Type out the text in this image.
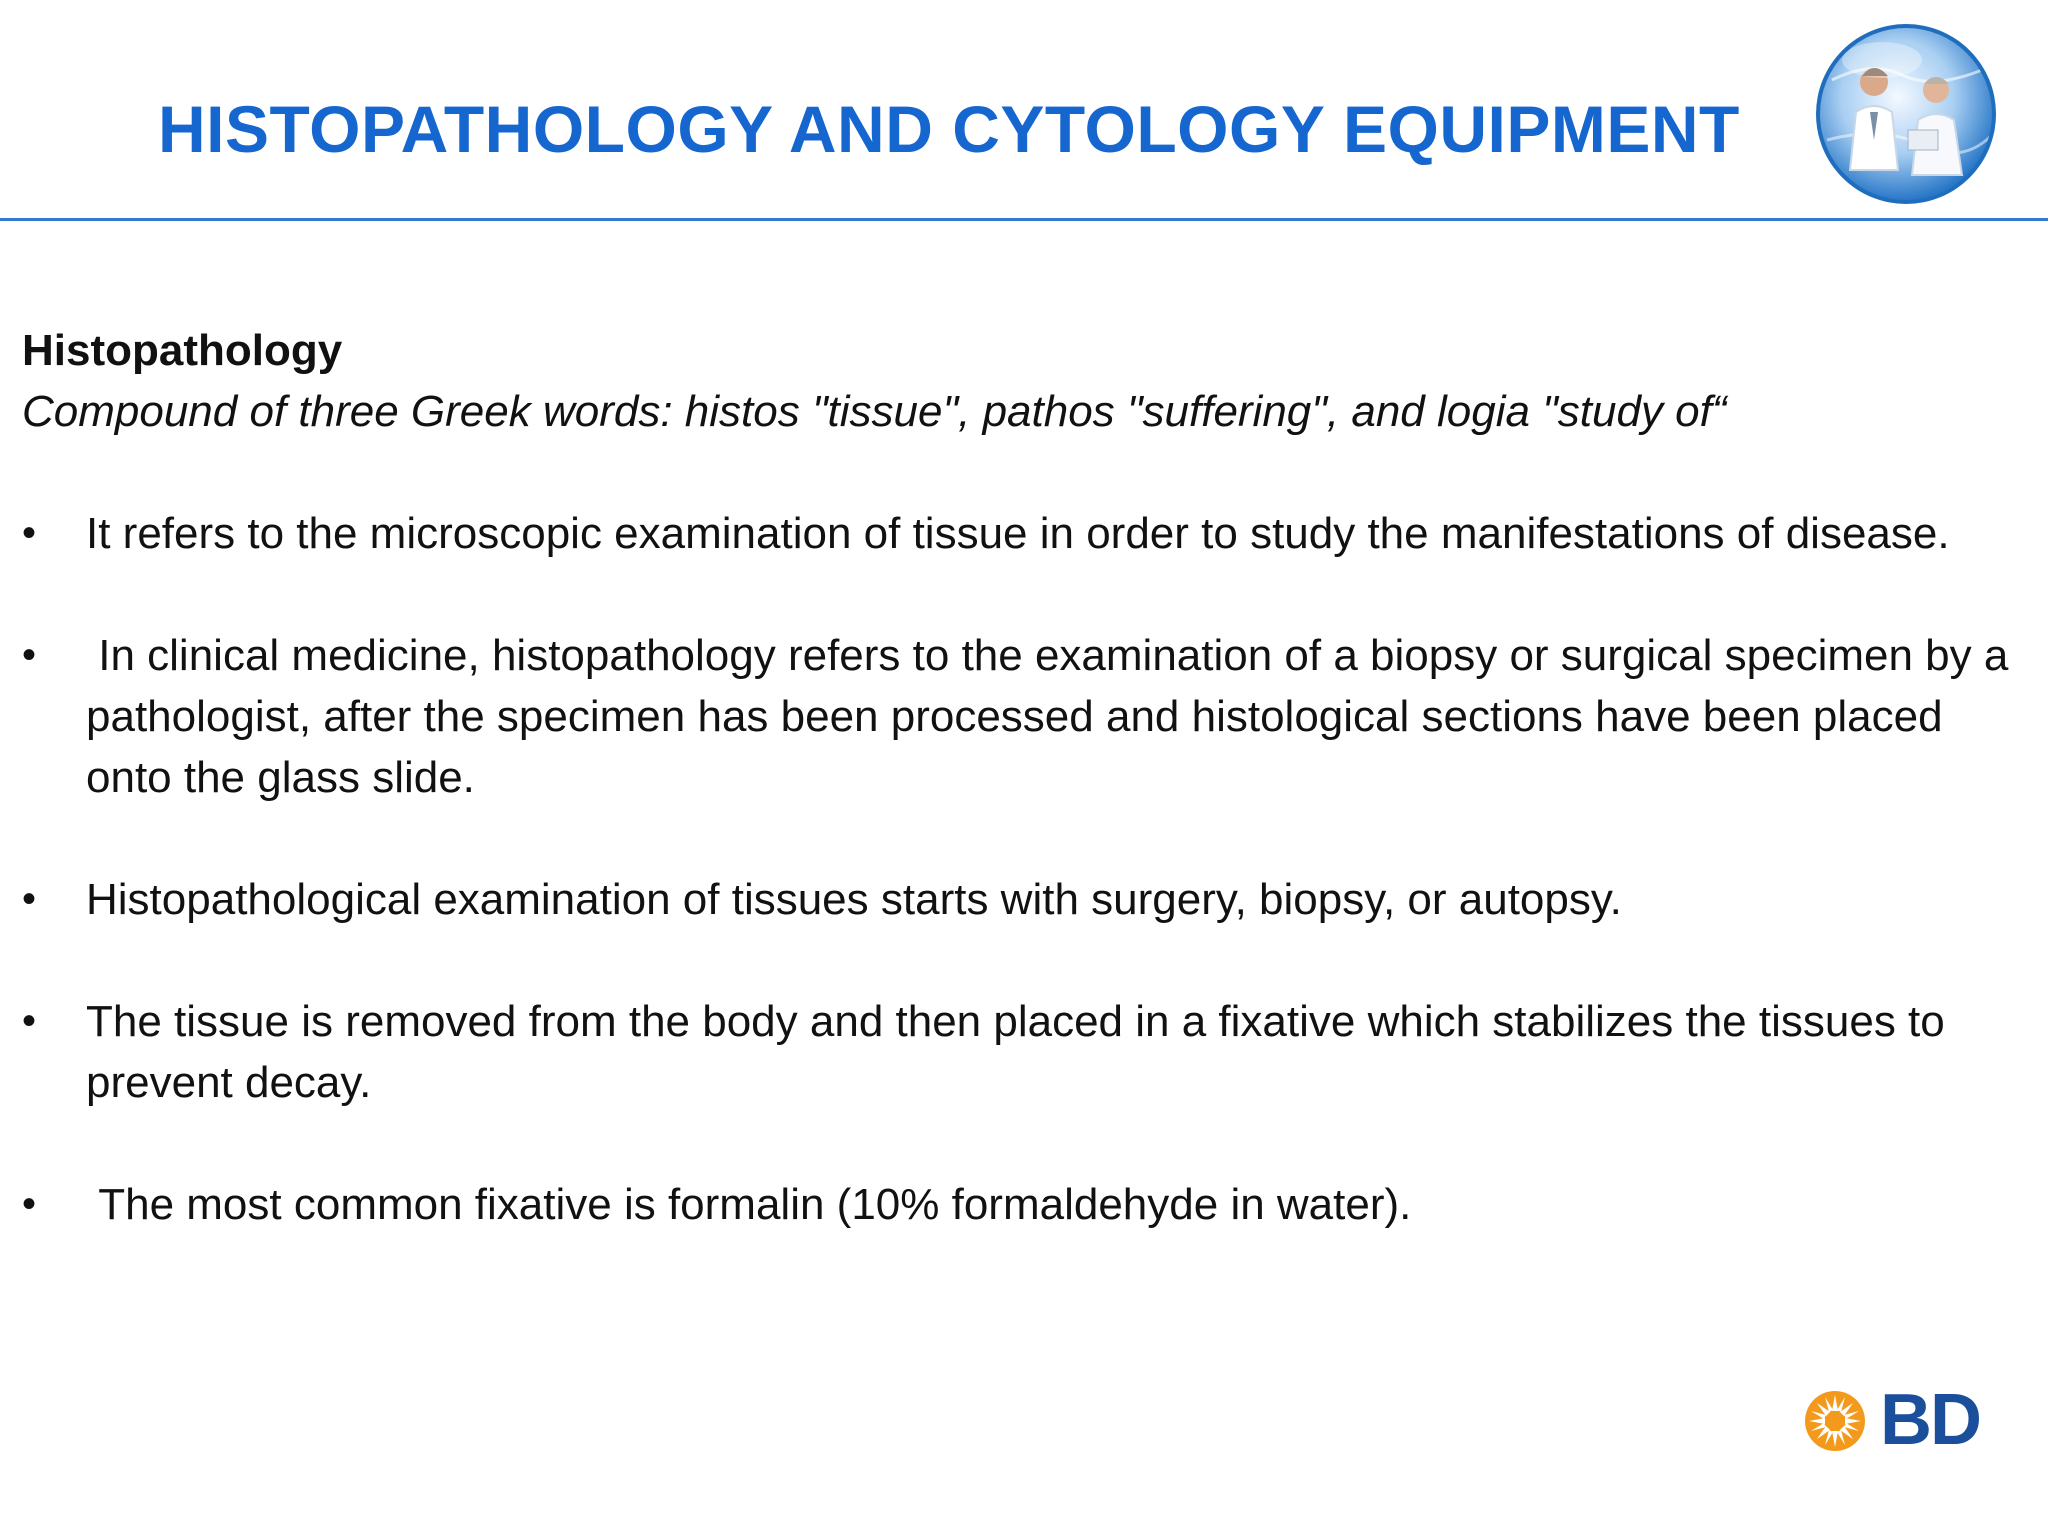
HISTOPATHOLOGY AND CYTOLOGY EQUIPMENT

Histopathology

Compound of three Greek words: histos "tissue", pathos "suffering", and logia "study of“

•	It refers to the microscopic examination of tissue in order to study the manifestations of disease.
•	In clinical medicine, histopathology refers to the examination of a biopsy or surgical specimen by a pathologist, after the specimen has been processed and histological sections have been placed onto the glass slide.
•	Histopathological examination of tissues starts with surgery, biopsy, or autopsy.
•	The tissue is removed from the body and then placed in a fixative which stabilizes the tissues to prevent decay.
•	The most common fixative is formalin (10% formaldehyde in water).
BD
